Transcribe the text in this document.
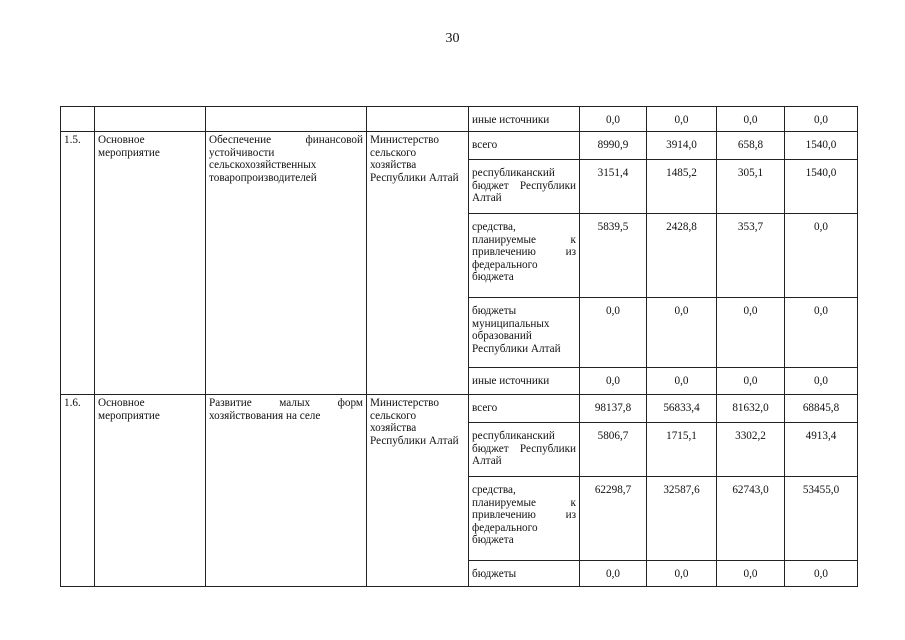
30
				иные источники	0,0	0,0	0,0	0,0
1.5.	Основное мероприятие	Обеспечение финансовой устойчивости сельскохозяйственных товаропроизводителей	Министерство сельского хозяйства Республики Алтай	всего	8990,9	3914,0	658,8	1540,0
				республиканский бюджет Республики Алтай	3151,4	1485,2	305,1	1540,0
				средства, планируемые к привлечению из федерального бюджета	5839,5	2428,8	353,7	0,0
				бюджеты муниципальных образований Республики Алтай	0,0	0,0	0,0	0,0
				иные источники	0,0	0,0	0,0	0,0
1.6.	Основное мероприятие	Развитие малых форм хозяйствования на селе	Министерство сельского хозяйства Республики Алтай	всего	98137,8	56833,4	81632,0	68845,8
				республиканский бюджет Республики Алтай	5806,7	1715,1	3302,2	4913,4
				средства, планируемые к привлечению из федерального бюджета	62298,7	32587,6	62743,0	53455,0
				бюджеты	0,0	0,0	0,0	0,0
